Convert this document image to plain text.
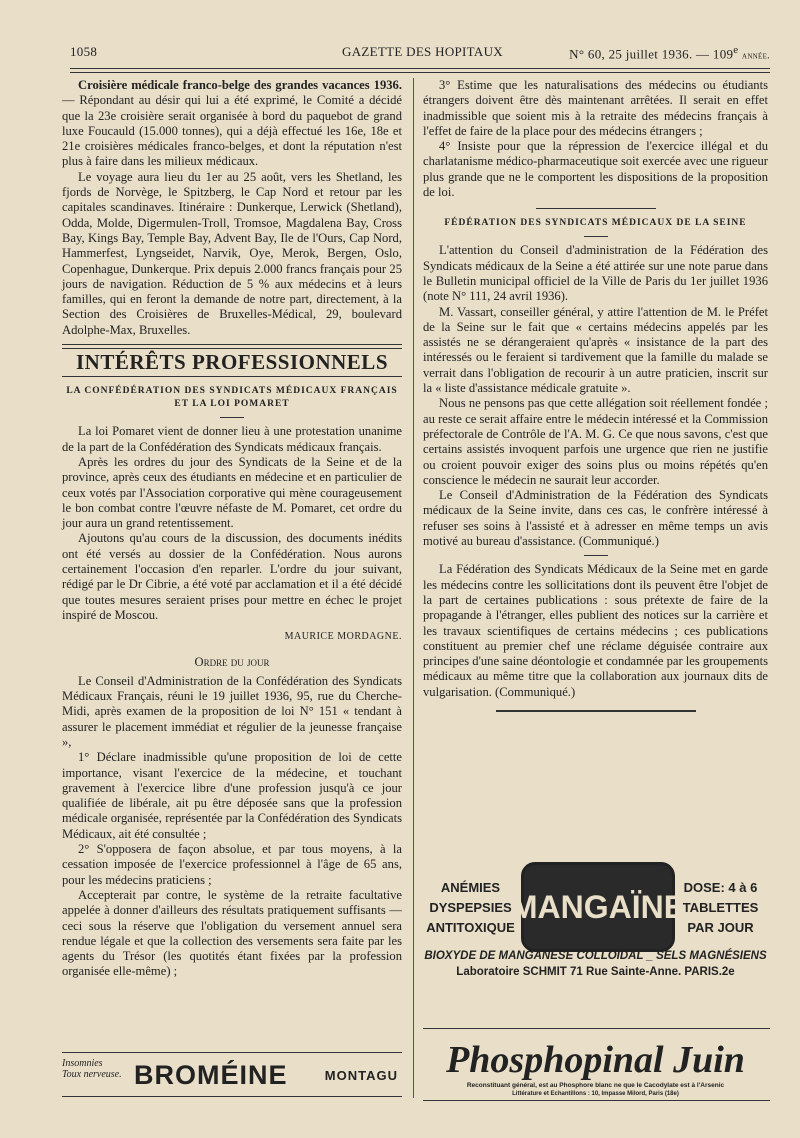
1058	GAZETTE DES HOPITAUX	N° 60, 25 juillet 1936. — 109e année.

Croisière médicale franco-belge des grandes vacances 1936. — Répondant au désir qui lui a été exprimé, le Comité a décidé que la 23e croisière serait organisée à bord du paquebot de grand luxe Foucauld (15.000 tonnes), qui a déjà effectué les 16e, 18e et 21e croisières médicales franco-belges, et dont la réputation n'est plus à faire dans les milieux médicaux.

Le voyage aura lieu du 1er au 25 août, vers les Shetland, les fjords de Norvège, le Spitzberg, le Cap Nord et retour par les capitales scandinaves. Itinéraire : Dunkerque, Lerwick (Shetland), Odda, Molde, Digermulen-Troll, Tromsoe, Magdalena Bay, Cross Bay, Kings Bay, Temple Bay, Advent Bay, Ile de l'Ours, Cap Nord, Hammerfest, Lyngseidet, Narvik, Oye, Merok, Bergen, Oslo, Copenhague, Dunkerque. Prix depuis 2.000 francs français pour 25 jours de navigation. Réduction de 5 % aux médecins et à leurs familles, qui en feront la demande de notre part, directement, à la Section des Croisières de Bruxelles-Médical, 29, boulevard Adolphe-Max, Bruxelles.

INTÉRÊTS PROFESSIONNELS
LA CONFÉDÉRATION DES SYNDICATS MÉDICAUX FRANÇAIS ET LA LOI POMARET

La loi Pomaret vient de donner lieu à une protestation unanime de la part de la Confédération des Syndicats médicaux français.

Après les ordres du jour des Syndicats de la Seine et de la province, après ceux des étudiants en médecine et en particulier de ceux votés par l'Association corporative qui mène courageusement le bon combat contre l'œuvre néfaste de M. Pomaret, cet ordre du jour aura un grand retentissement.

Ajoutons qu'au cours de la discussion, des documents inédits ont été versés au dossier de la Confédération. Nous aurons certainement l'occasion d'en reparler. L'ordre du jour suivant, rédigé par le Dr Cibrie, a été voté par acclamation et il a été décidé que toutes mesures seraient prises pour mettre en échec le projet inspiré de Moscou.

MAURICE MORDAGNE.
Ordre du jour

Le Conseil d'Administration de la Confédération des Syndicats Médicaux Français, réuni le 19 juillet 1936, 95, rue du Cherche-Midi, après examen de la proposition de loi N° 151 « tendant à assurer le placement immédiat et régulier de la jeunesse française »,

1° Déclare inadmissible qu'une proposition de loi de cette importance, visant l'exercice de la médecine, et touchant gravement à l'exercice libre d'une profession jusqu'à ce jour qualifiée de libérale, ait pu être déposée sans que la profession médicale organisée, représentée par la Confédération des Syndicats Médicaux, ait été consultée ;

2° S'opposera de façon absolue, et par tous moyens, à la cessation imposée de l'exercice professionnel à l'âge de 65 ans, pour les médecins praticiens ;

Accepterait par contre, le système de la retraite facultative appelée à donner d'ailleurs des résultats pratiquement suffisants — ceci sous la réserve que l'obligation du versement annuel sera rendue légale et que la collection des versements sera faite par les agents du Trésor (les quotités étant fixées par la profession organisée elle-même) ;

3° Estime que les naturalisations des médecins ou étudiants étrangers doivent être dès maintenant arrêtées. Il serait en effet inadmissible que soient mis à la retraite des médecins français à l'effet de faire de la place pour des médecins étrangers ;

4° Insiste pour que la répression de l'exercice illégal et du charlatanisme médico-pharmaceutique soit exercée avec une rigueur plus grande que ne le comportent les dispositions de la proposition de loi.

FÉDÉRATION DES SYNDICATS MÉDICAUX DE LA SEINE

L'attention du Conseil d'administration de la Fédération des Syndicats médicaux de la Seine a été attirée sur une note parue dans le Bulletin municipal officiel de la Ville de Paris du 1er juillet 1936 (note N° 111, 24 avril 1936).

M. Vassart, conseiller général, y attire l'attention de M. le Préfet de la Seine sur le fait que « certains médecins appelés par les assistés ne se dérangeraient qu'après « insistance de la part des intéressés ou le feraient si tardivement que la famille du malade se verrait dans l'obligation de recourir à un autre praticien, inscrit sur la « liste d'assistance médicale gratuite ».

Nous ne pensons pas que cette allégation soit réellement fondée ; au reste ce serait affaire entre le médecin intéressé et la Commission préfectorale de Contrôle de l'A. M. G. Ce que nous savons, c'est que certains assistés invoquent parfois une urgence que rien ne justifie ou croient pouvoir exiger des soins plus ou moins répétés qu'en conscience le médecin ne saurait leur accorder.

Le Conseil d'Administration de la Fédération des Syndicats médicaux de la Seine invite, dans ces cas, le confrère intéressé à refuser ses soins à l'assisté et à adresser en même temps un avis motivé au bureau d'assistance. (Communiqué.)

La Fédération des Syndicats Médicaux de la Seine met en garde les médecins contre les sollicitations dont ils peuvent être l'objet de la part de certaines publications : sous prétexte de faire de la propagande à l'étranger, elles publient des notices sur la carrière et les travaux scientifiques de certains médecins ; ces publications constituent au premier chef une réclame déguisée contraire aux principes d'une saine déontologie et condamnée par les groupements médicaux au même titre que la collaboration aux journaux dits de vulgarisation. (Communiqué.)

ANÉMIES
DYSPEPSIES
ANTITOXIQUE
MANGAÏNE
DOSE: 4 à 6
TABLETTES
PAR JOUR
BIOXYDE DE MANGANÈSE COLLOÏDAL _ SELS MAGNÉSIENS
Laboratoire SCHMIT 71 Rue Sainte-Anne. PARIS.2e
Phosphopinal Juin
Reconstituant général, est au Phosphore blanc ne que le Cacodylate est à l'Arsenic
Littérature et Echantillons : 10, Impasse Milord, Paris (18e)
Insomnies
Toux nerveuse. BROMÉINE	MONTAGU
